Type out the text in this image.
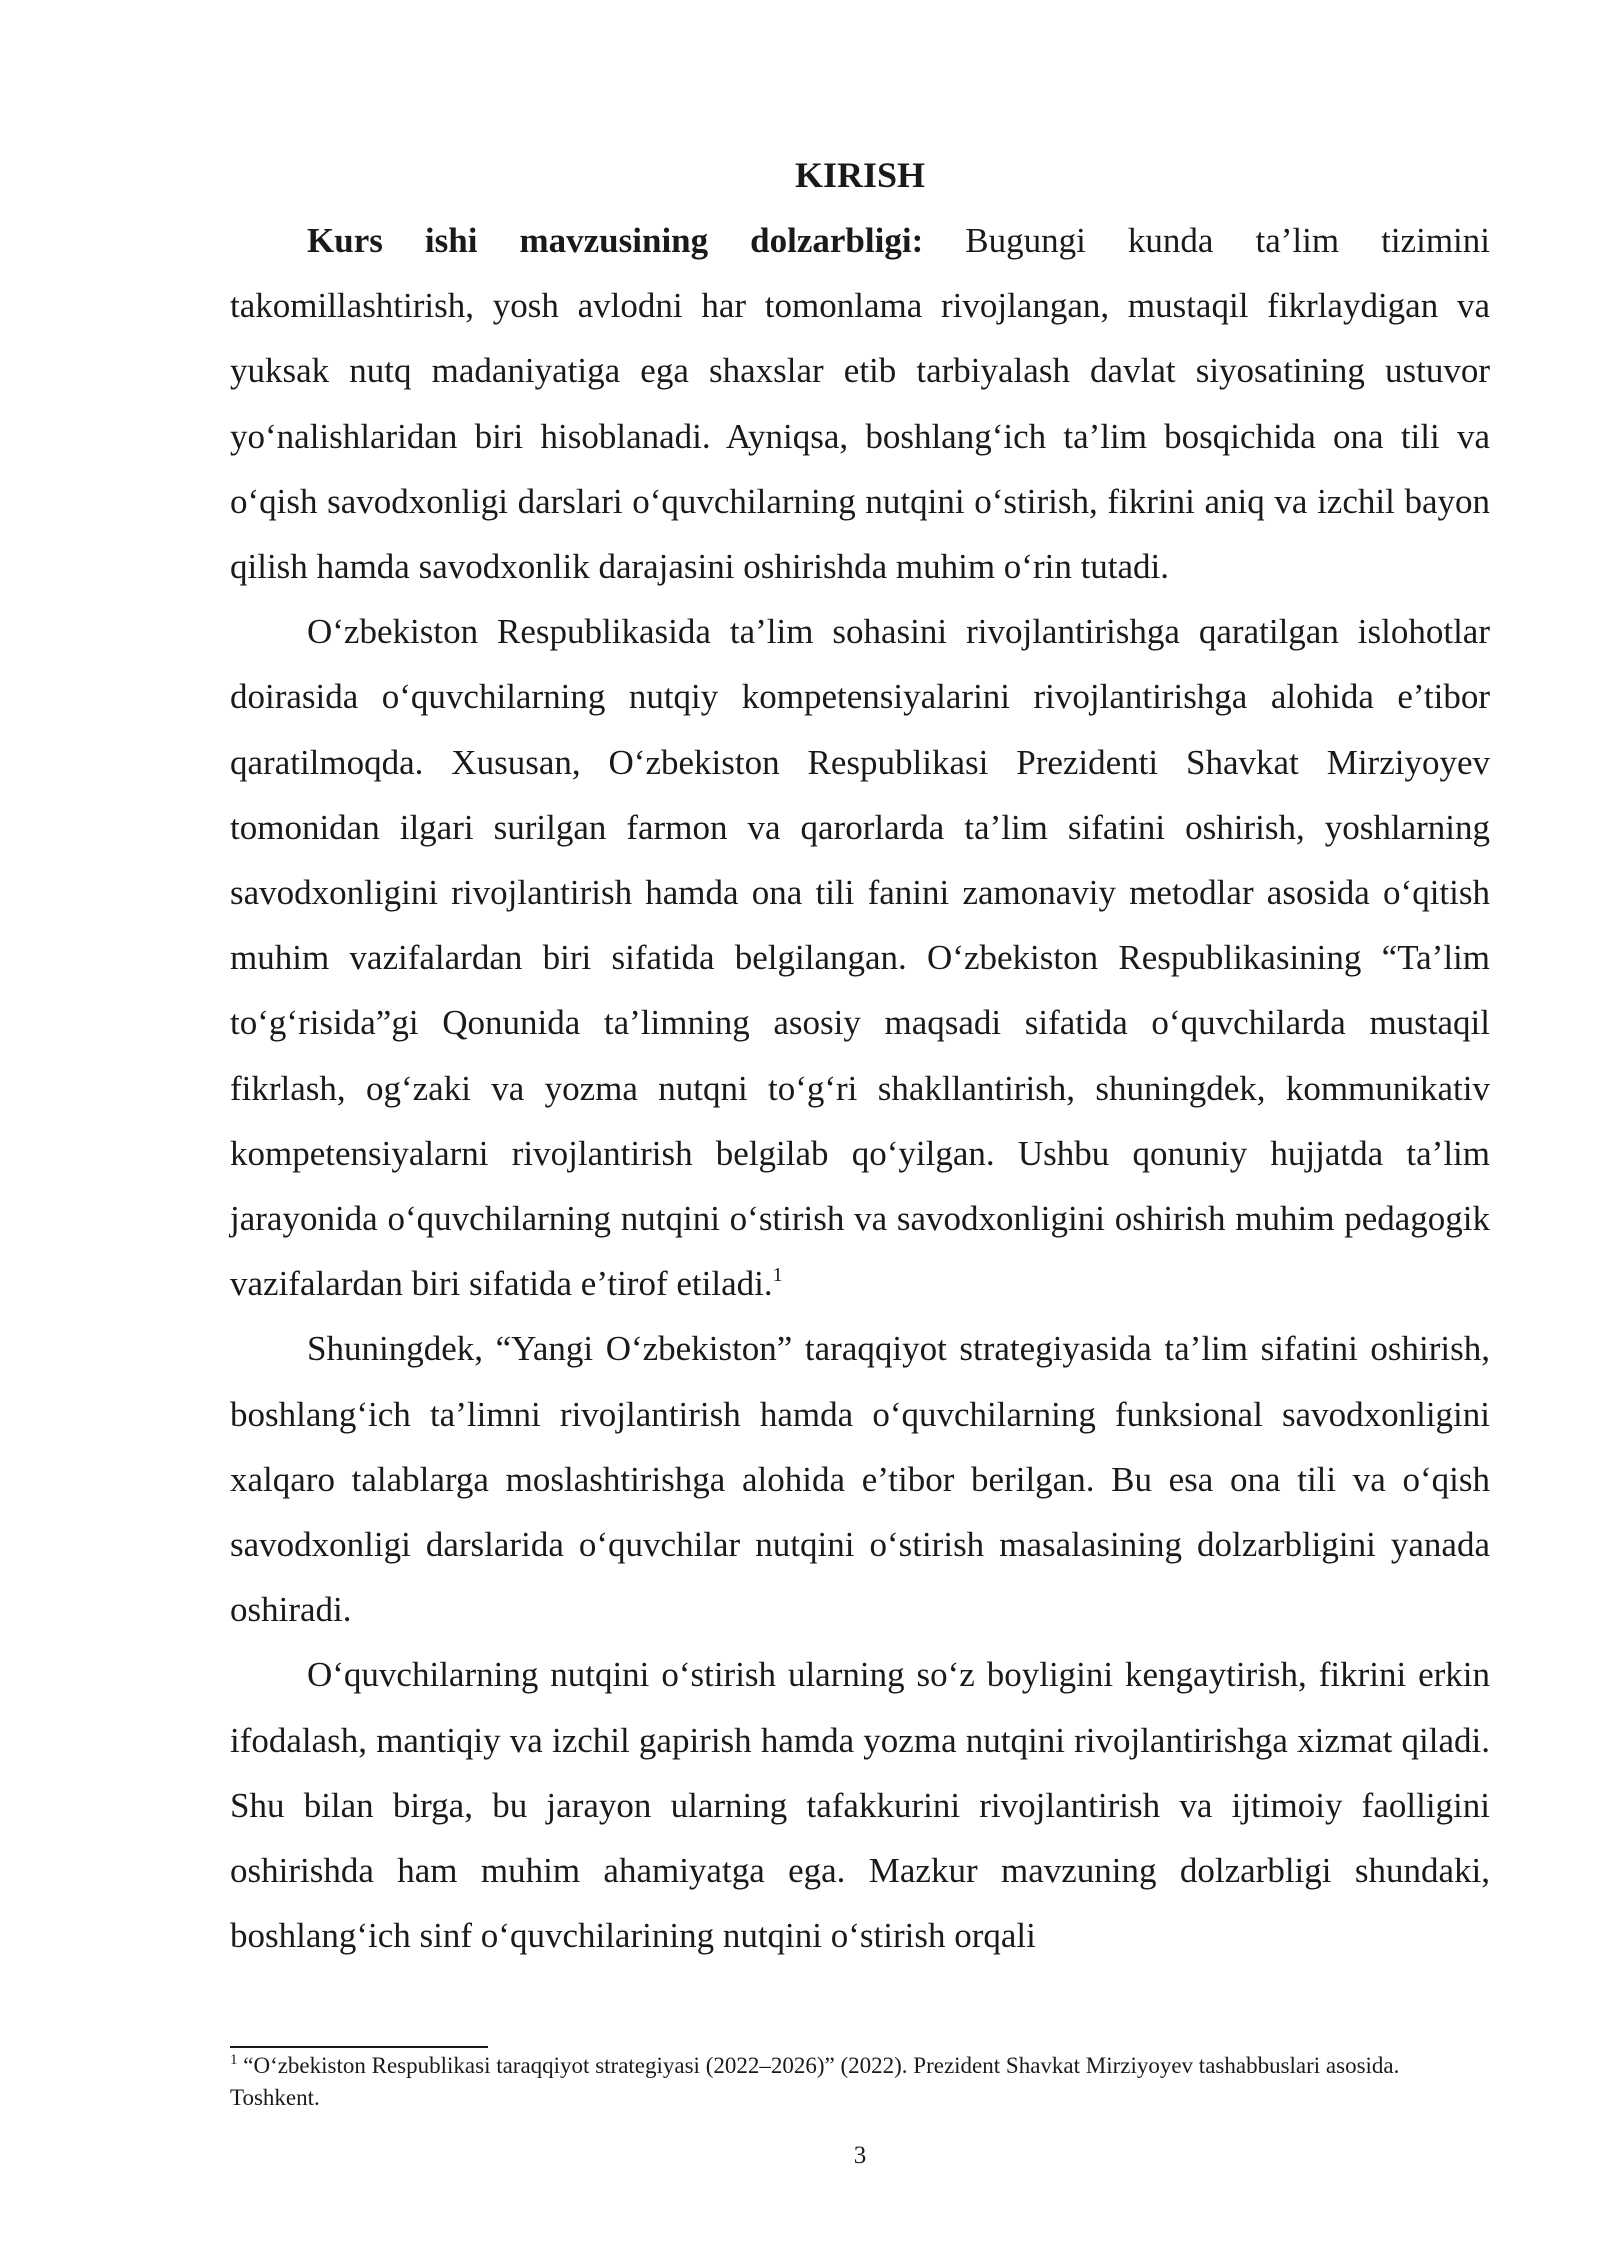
KIRISH

Kurs ishi mavzusining dolzarbligi: Bugungi kunda ta’lim tizimini takomillashtirish, yosh avlodni har tomonlama rivojlangan, mustaqil fikrlaydigan va yuksak nutq madaniyatiga ega shaxslar etib tarbiyalash davlat siyosatining ustuvor yo‘nalishlaridan biri hisoblanadi. Ayniqsa, boshlang‘ich ta’lim bosqichida ona tili va o‘qish savodxonligi darslari o‘quvchilarning nutqini o‘stirish, fikrini aniq va izchil bayon qilish hamda savodxonlik darajasini oshirishda muhim o‘rin tutadi.

O‘zbekiston Respublikasida ta’lim sohasini rivojlantirishga qaratilgan islohotlar doirasida o‘quvchilarning nutqiy kompetensiyalarini rivojlantirishga alohida e’tibor qaratilmoqda. Xususan, O‘zbekiston Respublikasi Prezidenti Shavkat Mirziyoyev tomonidan ilgari surilgan farmon va qarorlarda ta’lim sifatini oshirish, yoshlarning savodxonligini rivojlantirish hamda ona tili fanini zamonaviy metodlar asosida o‘qitish muhim vazifalardan biri sifatida belgilangan. O‘zbekiston Respublikasining “Ta’lim to‘g‘risida”gi Qonunida ta’limning asosiy maqsadi sifatida o‘quvchilarda mustaqil fikrlash, og‘zaki va yozma nutqni to‘g‘ri shakllantirish, shuningdek, kommunikativ kompetensiyalarni rivojlantirish belgilab qo‘yilgan. Ushbu qonuniy hujjatda ta’lim jarayonida o‘quvchilarning nutqini o‘stirish va savodxonligini oshirish muhim pedagogik vazifalardan biri sifatida e’tirof etiladi.$^1$

Shuningdek, “Yangi O‘zbekiston” taraqqiyot strategiyasida ta’lim sifatini oshirish, boshlang‘ich ta’limni rivojlantirish hamda o‘quvchilarning funksional savodxonligini xalqaro talablarga moslashtirishga alohida e’tibor berilgan. Bu esa ona tili va o‘qish savodxonligi darslarida o‘quvchilar nutqini o‘stirish masalasining dolzarbligini yanada oshiradi.

O‘quvchilarning nutqini o‘stirish ularning so‘z boyligini kengaytirish, fikrini erkin ifodalash, mantiqiy va izchil gapirish hamda yozma nutqini rivojlantirishga xizmat qiladi. Shu bilan birga, bu jarayon ularning tafakkurini rivojlantirish va ijtimoiy faolligini oshirishda ham muhim ahamiyatga ega. Mazkur mavzuning dolzarbligi shundaki, boshlang‘ich sinf o‘quvchilarining nutqini o‘stirish orqali

$^1$ “O‘zbekiston Respublikasi taraqqiyot strategiyasi (2022–2026)” (2022). Prezident Shavkat Mirziyoyev tashabbuslari asosida. Toshkent.
3
